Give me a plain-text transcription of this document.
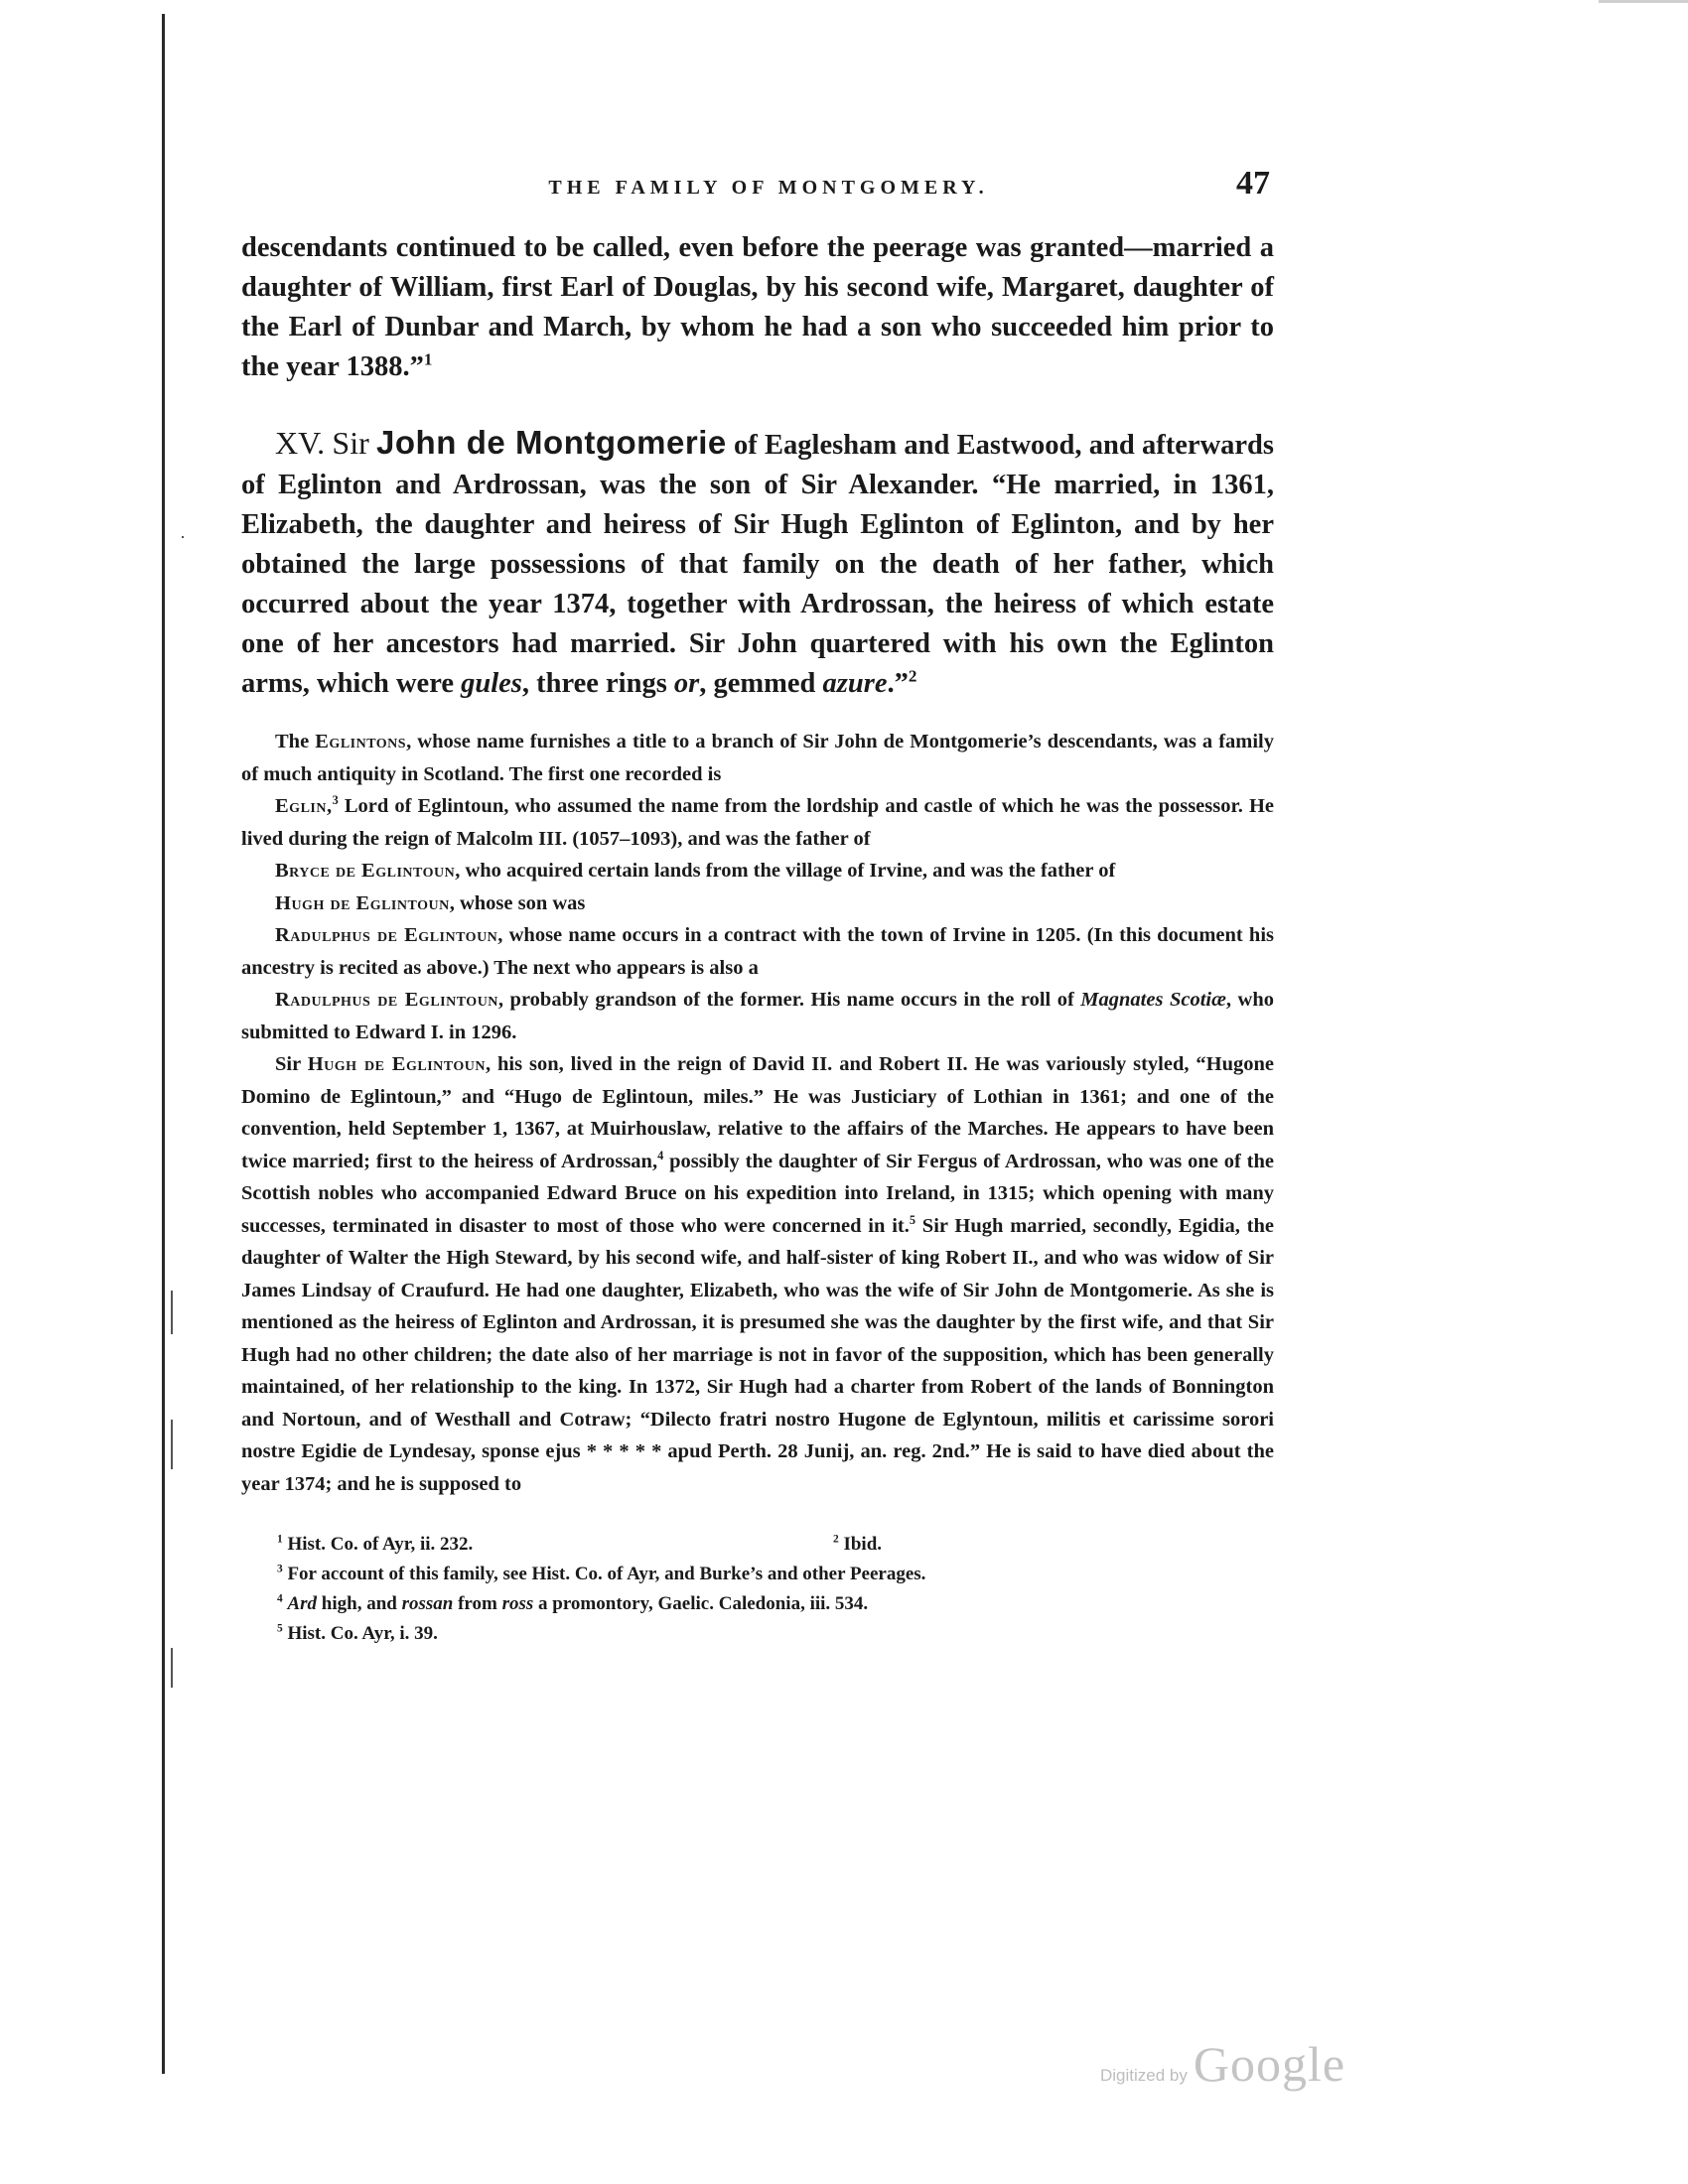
THE FAMILY OF MONTGOMERY.	47

descendants continued to be called, even before the peerage was granted—married a daughter of William, first Earl of Douglas, by his second wife, Margaret, daughter of the Earl of Dunbar and March, by whom he had a son who succeeded him prior to the year 1388.”$^1$

XV. Sir John de Montgomerie of Eaglesham and Eastwood, and afterwards of Eglinton and Ardrossan, was the son of Sir Alexander. “He married, in 1361, Elizabeth, the daughter and heiress of Sir Hugh Eglinton of Eglinton, and by her obtained the large possessions of that family on the death of her father, which occurred about the year 1374, together with Ardrossan, the heiress of which estate one of her ancestors had married. Sir John quartered with his own the Eglinton arms, which were gules, three rings or, gemmed azure.”$^2$

The Eglintons, whose name furnishes a title to a branch of Sir John de Montgomerie’s descendants, was a family of much antiquity in Scotland. The first one recorded is

Eglin,$^3$ Lord of Eglintoun, who assumed the name from the lordship and castle of which he was the possessor. He lived during the reign of Malcolm III. (1057–1093), and was the father of

Bryce de Eglintoun, who acquired certain lands from the village of Irvine, and was the father of

Hugh de Eglintoun, whose son was

Radulphus de Eglintoun, whose name occurs in a contract with the town of Irvine in 1205. (In this document his ancestry is recited as above.) The next who appears is also a

Radulphus de Eglintoun, probably grandson of the former. His name occurs in the roll of Magnates Scotiæ, who submitted to Edward I. in 1296.

Sir Hugh de Eglintoun, his son, lived in the reign of David II. and Robert II. He was variously styled, “Hugone Domino de Eglintoun,” and “Hugo de Eglintoun, miles.” He was Justiciary of Lothian in 1361; and one of the convention, held September 1, 1367, at Muirhouslaw, relative to the affairs of the Marches. He appears to have been twice married; first to the heiress of Ardrossan,$^4$ possibly the daughter of Sir Fergus of Ardrossan, who was one of the Scottish nobles who accompanied Edward Bruce on his expedition into Ireland, in 1315; which opening with many successes, terminated in disaster to most of those who were concerned in it.$^5$ Sir Hugh married, secondly, Egidia, the daughter of Walter the High Steward, by his second wife, and half-sister of king Robert II., and who was widow of Sir James Lindsay of Craufurd. He had one daughter, Elizabeth, who was the wife of Sir John de Montgomerie. As she is mentioned as the heiress of Eglinton and Ardrossan, it is presumed she was the daughter by the first wife, and that Sir Hugh had no other children; the date also of her marriage is not in favor of the supposition, which has been generally maintained, of her relationship to the king. In 1372, Sir Hugh had a charter from Robert of the lands of Bonnington and Nortoun, and of Westhall and Cotraw; “Dilecto fratri nostro Hugone de Eglyntoun, militis et carissime sorori nostre Egidie de Lyndesay, sponse ejus * * * * * apud Perth. 28 Junij, an. reg. 2nd.” He is said to have died about the year 1374; and he is supposed to

$^1$ Hist. Co. of Ayr, ii. 232.	$^2$ Ibid.
$^3$ For account of this family, see Hist. Co. of Ayr, and Burke’s and other Peerages.
$^4$ Ard high, and rossan from ross a promontory, Gaelic. Caledonia, iii. 534.
$^5$ Hist. Co. Ayr, i. 39.
Digitized by Google
